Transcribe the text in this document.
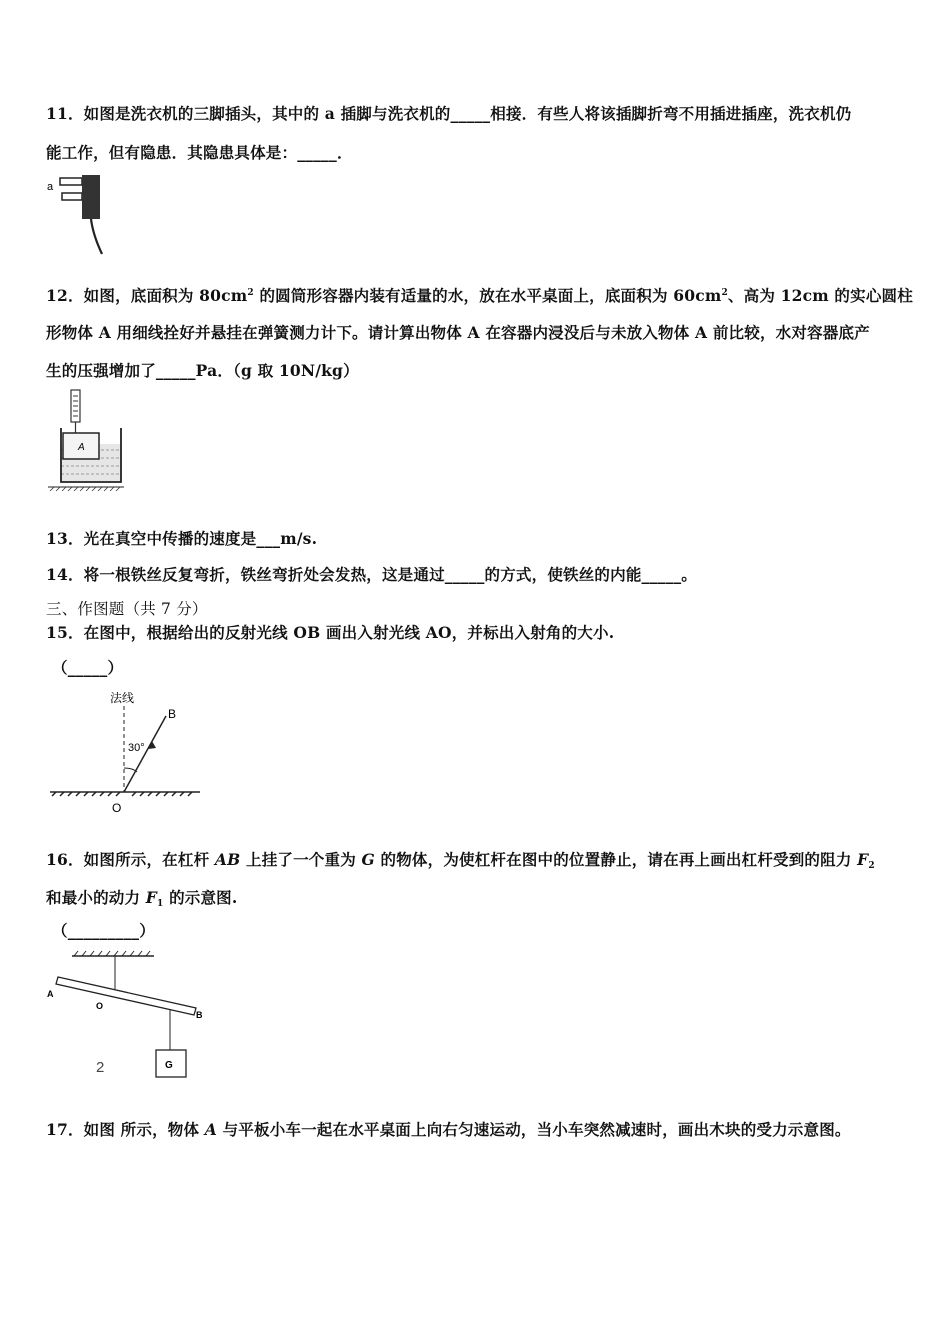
11．如图是洗衣机的三脚插头，其中的 a 插脚与洗衣机的_____相接．有些人将该插脚折弯不用插进插座，洗衣机仍
能工作，但有隐患．其隐患具体是：_____．
a
12．如图，底面积为 $80cm^2$ 的圆筒形容器内装有适量的水，放在水平桌面上，底面积为 $60cm^2$、高为 12cm 的实心圆柱
形物体 A 用细线拴好并悬挂在弹簧测力计下。请计算出物体 A 在容器内浸没后与未放入物体 A 前比较，水对容器底产
生的压强增加了_____Pa．（g 取 10N/kg）
A
13．光在真空中传播的速度是___m/s.
14．将一根铁丝反复弯折，铁丝弯折处会发热，这是通过_____的方式，使铁丝的内能_____。
三、作图题（共 7 分）
15．在图中，根据给出的反射光线 OB 画出入射光线 AO，并标出入射角的大小.
（_____）
法线
B
30°
O
16．如图所示，在杠杆 AB 上挂了一个重为 G 的物体，为使杠杆在图中的位置静止，请在再上画出杠杆受到的阻力 F2
和最小的动力 F1 的示意图.
（_________）
A
O
B
G
2
17．如图 所示，物体 A 与平板小车一起在水平桌面上向右匀速运动，当小车突然减速时，画出木块的受力示意图。
